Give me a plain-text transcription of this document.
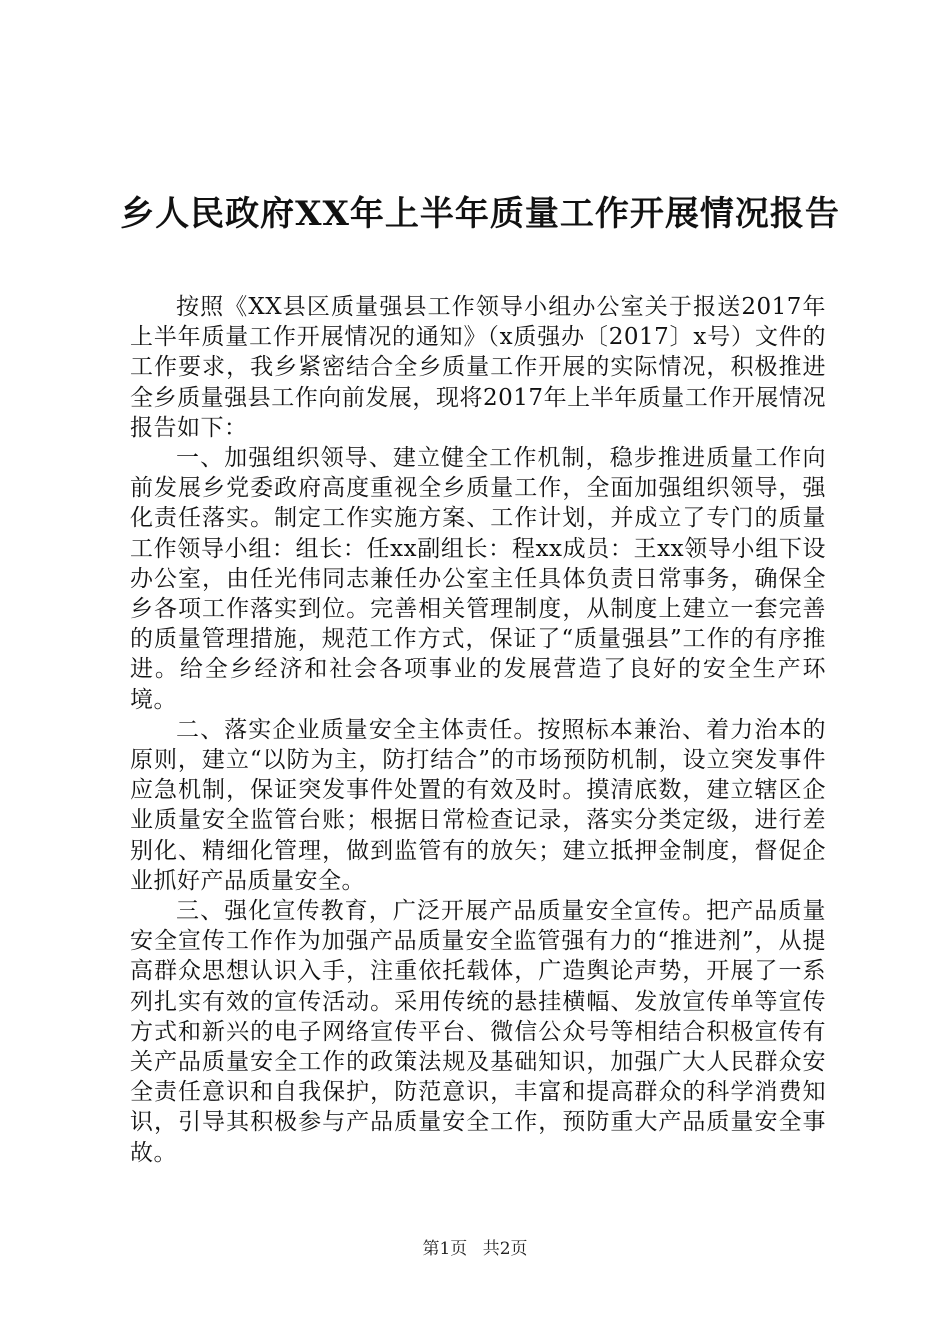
乡人民政府XX年上半年质量工作开展情况报告

按照《XX县区质量强县工作领导小组办公室关于报送2017年上半年质量工作开展情况的通知》（x质强办〔2017〕x号）文件的工作要求，我乡紧密结合全乡质量工作开展的实际情况，积极推进全乡质量强县工作向前发展，现将2017年上半年质量工作开展情况报告如下：

一、加强组织领导、建立健全工作机制，稳步推进质量工作向前发展乡党委政府高度重视全乡质量工作，全面加强组织领导，强化责任落实。制定工作实施方案、工作计划，并成立了专门的质量工作领导小组：组长：任xx副组长：程xx成员：王xx领导小组下设办公室，由任光伟同志兼任办公室主任具体负责日常事务，确保全乡各项工作落实到位。完善相关管理制度，从制度上建立一套完善的质量管理措施，规范工作方式，保证了“质量强县”工作的有序推进。给全乡经济和社会各项事业的发展营造了良好的安全生产环境。

二、落实企业质量安全主体责任。按照标本兼治、着力治本的原则，建立“以防为主，防打结合”的市场预防机制，设立突发事件应急机制，保证突发事件处置的有效及时。摸清底数，建立辖区企业质量安全监管台账；根据日常检查记录，落实分类定级，进行差别化、精细化管理，做到监管有的放矢；建立抵押金制度，督促企业抓好产品质量安全。

三、强化宣传教育，广泛开展产品质量安全宣传。把产品质量安全宣传工作作为加强产品质量安全监管强有力的“推进剂”，从提高群众思想认识入手，注重依托载体，广造舆论声势，开展了一系列扎实有效的宣传活动。采用传统的悬挂横幅、发放宣传单等宣传方式和新兴的电子网络宣传平台、微信公众号等相结合积极宣传有关产品质量安全工作的政策法规及基础知识，加强广大人民群众安全责任意识和自我保护，防范意识，丰富和提高群众的科学消费知识，引导其积极参与产品质量安全工作，预防重大产品质量安全事故。

第1页 共2页
